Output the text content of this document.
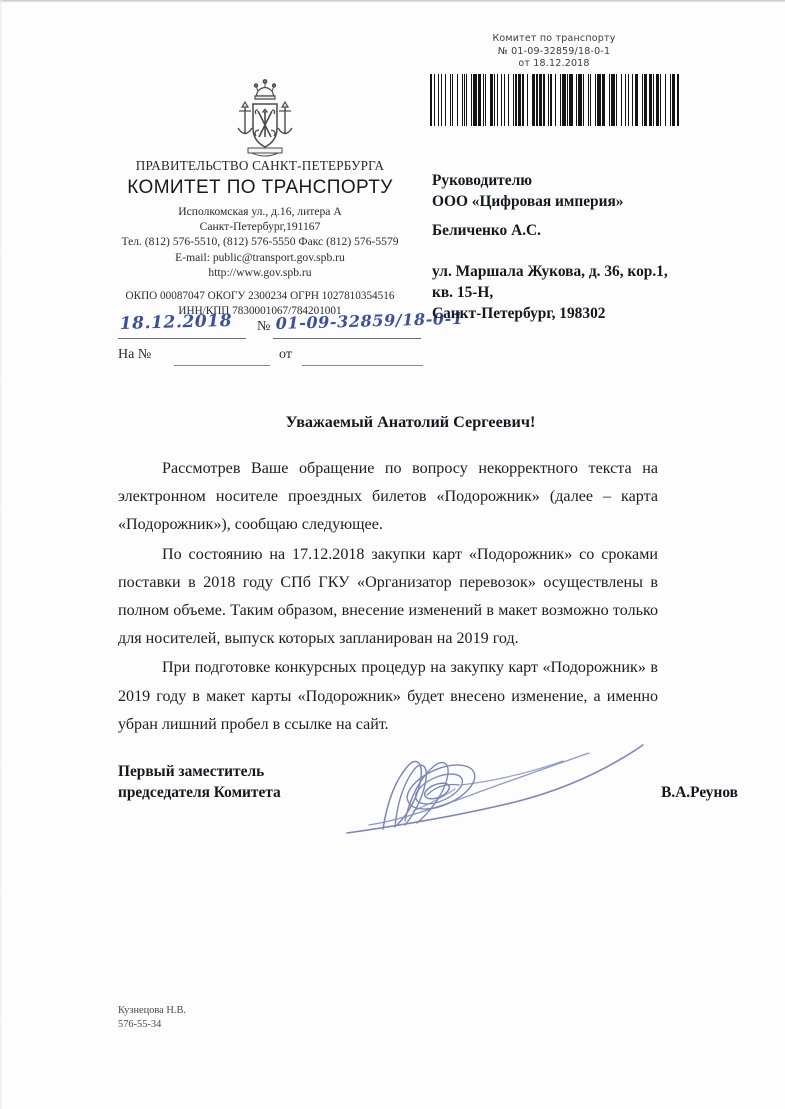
Комитет по транспорту
№ 01-09-32859/18-0-1
от 18.12.2018
ПРАВИТЕЛЬСТВО САНКТ-ПЕТЕРБУРГА
КОМИТЕТ ПО ТРАНСПОРТУ
Исполкомская ул., д.16, литера А
Санкт-Петербург,191167
Тел. (812) 576-5510, (812) 576-5550 Факс (812) 576-5579
E-mail: public@transport.gov.spb.ru
http://www.gov.spb.ru
ОКПО 00087047 ОКОГУ 2300234 ОГРН 1027810354516
ИНН/КПП 7830001067/784201001
18.12.2018 № 01-09-32859/18-0-1
На №	от
Руководителю
ООО «Цифровая империя»
Беличенко А.С.
ул. Маршала Жукова, д. 36, кор.1,
кв. 15-Н,
Санкт-Петербург, 198302
Уважаемый Анатолий Сергеевич!

Рассмотрев Ваше обращение по вопросу некорректного текста на электронном носителе проездных билетов «Подорожник» (далее – карта «Подорожник»), сообщаю следующее.

По состоянию на 17.12.2018 закупки карт «Подорожник» со сроками поставки в 2018 году СПб ГКУ «Организатор перевозок» осуществлены в полном объеме. Таким образом, внесение изменений в макет возможно только для носителей, выпуск которых запланирован на 2019 год.

При подготовке конкурсных процедур на закупку карт «Подорожник» в 2019 году в макет карты «Подорожник» будет внесено изменение, а именно убран лишний пробел в ссылке на сайт.

Первый заместитель
председателя Комитета	В.А.Реунов
Кузнецова Н.В.
576-55-34
